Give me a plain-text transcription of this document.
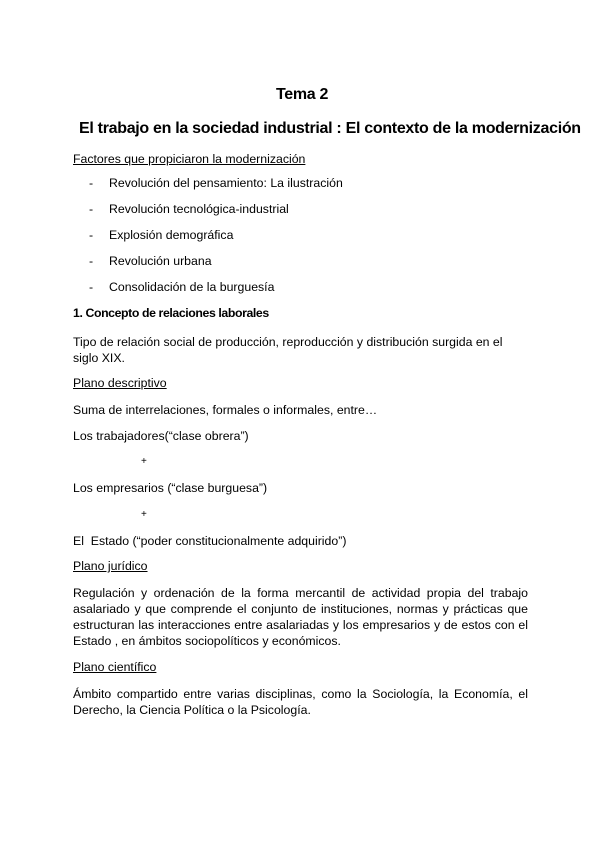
Tema 2
El trabajo en la sociedad industrial : El contexto de la modernización

Factores que propiciaron la modernización

- Revolución del pensamiento: La ilustración
- Revolución tecnológica-industrial
- Explosión demográfica
- Revolución urbana
- Consolidación de la burguesía

1. Concepto de relaciones laborales

Tipo de relación social de producción, reproducción y distribución surgida en el siglo XIX.

Plano descriptivo

Suma de interrelaciones, formales o informales, entre…

Los trabajadores(“clase obrera”)

+

Los empresarios (“clase burguesa”)

+

El  Estado (“poder constitucionalmente adquirido”)

Plano jurídico

Regulación y ordenación de la forma mercantil de actividad propia del trabajo asalariado y que comprende el conjunto de instituciones, normas y prácticas que estructuran las interacciones entre asalariadas y los empresarios y de estos con el Estado , en ámbitos sociopolíticos y económicos.

Plano científico

Ámbito compartido entre varias disciplinas, como la Sociología, la Economía, el Derecho, la Ciencia Política o la Psicología.
